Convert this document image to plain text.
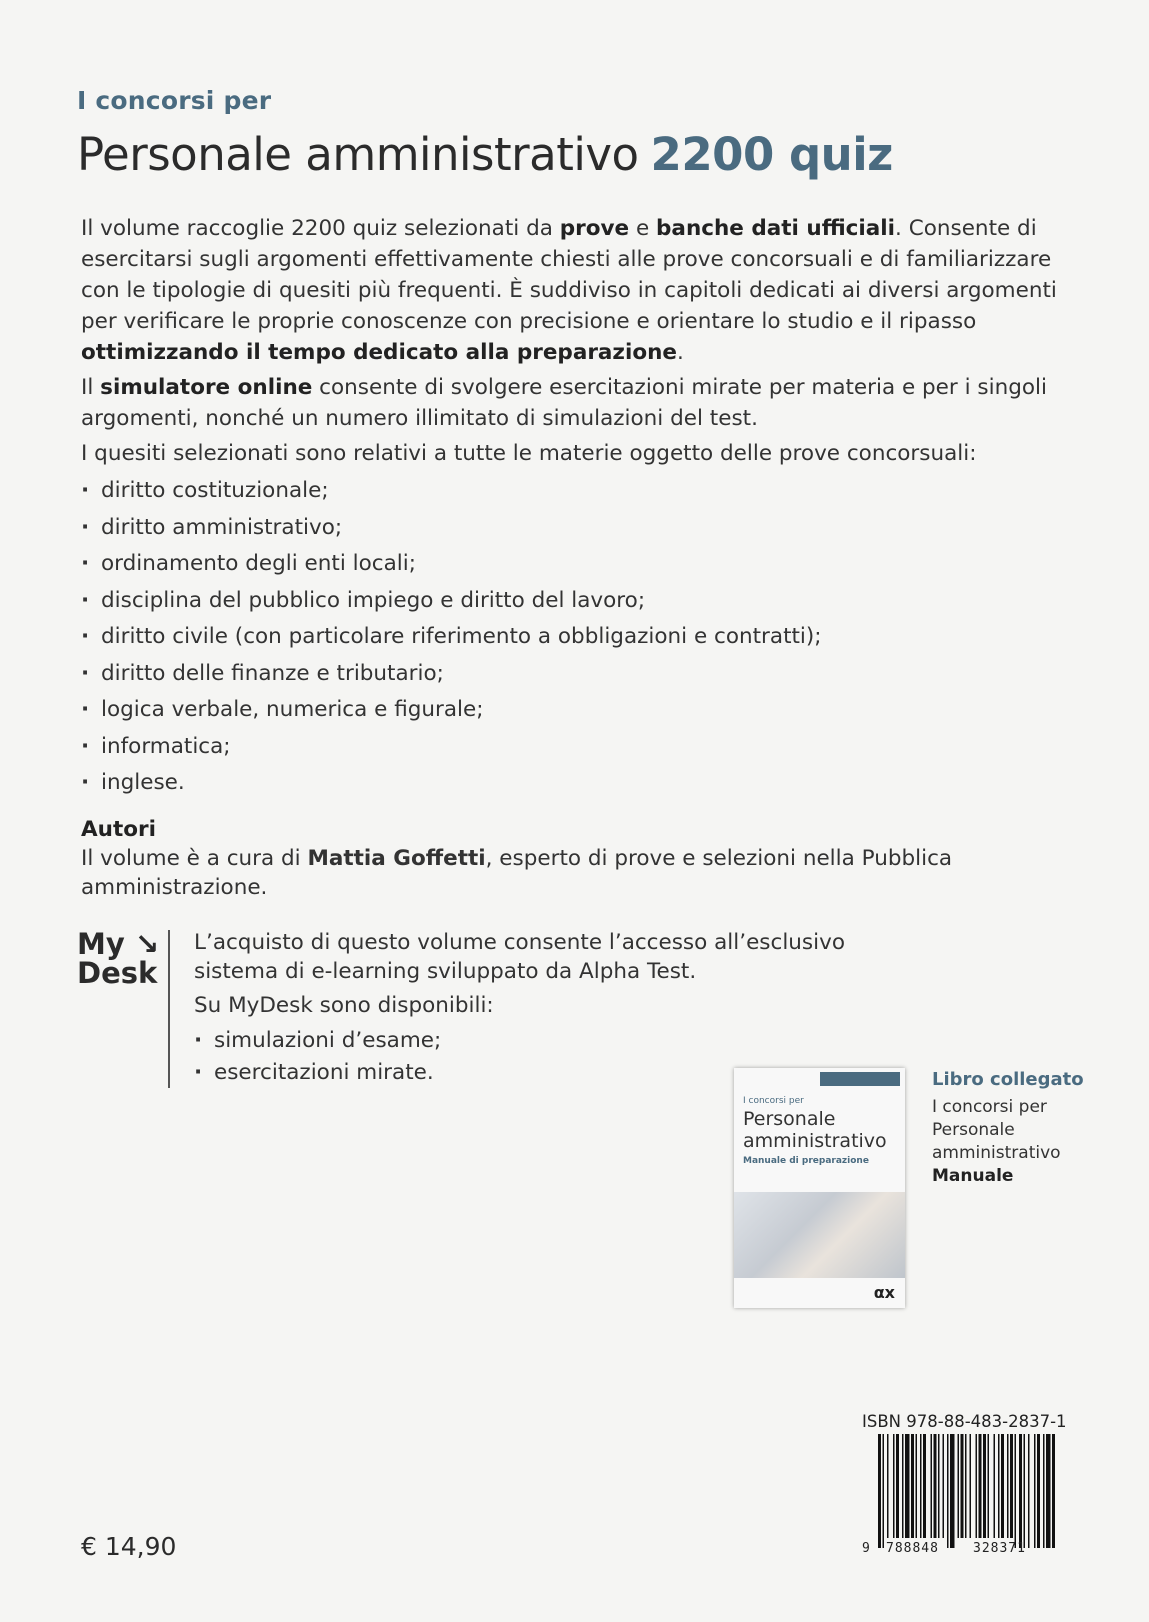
I concorsi per
Personale amministrativo 2200 quiz

Il volume raccoglie 2200 quiz selezionati da prove e banche dati ufficiali. Consente di esercitarsi sugli argomenti effettivamente chiesti alle prove concorsuali e di familiarizzare con le tipologie di quesiti più frequenti. È suddiviso in capitoli dedicati ai diversi argomenti per verificare le proprie conoscenze con precisione e orientare lo studio e il ripasso ottimizzando il tempo dedicato alla preparazione.

Il simulatore online consente di svolgere esercitazioni mirate per materia e per i singoli argomenti, nonché un numero illimitato di simulazioni del test.

I quesiti selezionati sono relativi a tutte le materie oggetto delle prove concorsuali:

· diritto costituzionale;
· diritto amministrativo;
· ordinamento degli enti locali;
· disciplina del pubblico impiego e diritto del lavoro;
· diritto civile (con particolare riferimento a obbligazioni e contratti);
· diritto delle finanze e tributario;
· logica verbale, numerica e figurale;
· informatica;
· inglese.
Autori
Il volume è a cura di Mattia Goffetti, esperto di prove e selezioni nella Pubblica amministrazione.
My ↘
Desk

L’acquisto di questo volume consente l’accesso all’esclusivo sistema di e-learning sviluppato da Alpha Test.

Su MyDesk sono disponibili:

· simulazioni d’esame;
· esercitazioni mirate.
I concorsi per
Personale amministrativo
Manuale di preparazione
αx
Libro collegato
I concorsi per
Personale
amministrativo
Manuale
ISBN 978-88-483-2837-1
9 788848	328371
€ 14,90
